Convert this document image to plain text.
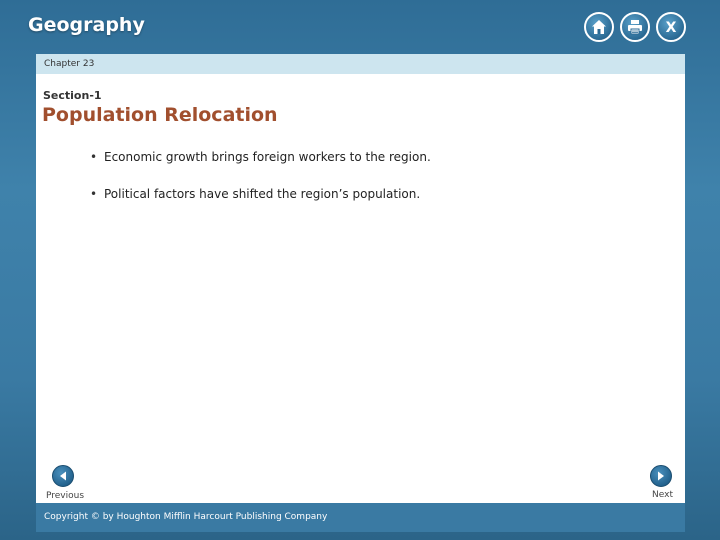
Geography	X
Chapter 23
Section-1
Population Relocation
• Economic growth brings foreign workers to the region.
• Political factors have shifted the region’s population.
Previous	Next
Copyright © by Houghton Mifflin Harcourt Publishing Company
